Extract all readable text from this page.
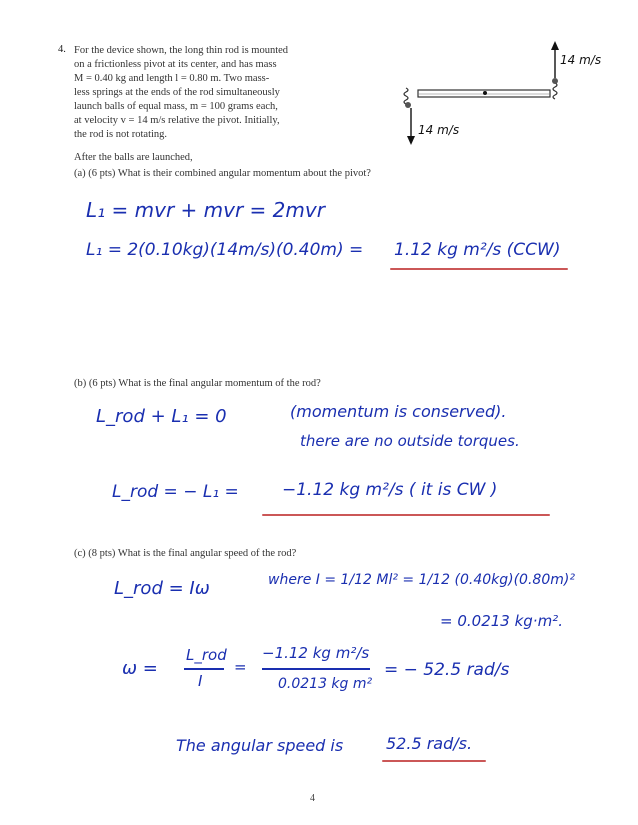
4. For the device shown, the long thin rod is mounted
on a frictionless pivot at its center, and has mass
M = 0.40 kg and length l = 0.80 m. Two mass-
less springs at the ends of the rod simultaneously
launch balls of equal mass, m = 100 grams each,
at velocity v = 14 m/s relative the pivot. Initially,
the rod is not rotating.
After the balls are launched,
14 m/s
14 m/s
(a) (6 pts) What is their combined angular momentum about the pivot?
L₁ = mvr + mvr = 2mvr
L₁ = 2(0.10kg)(14m/s)(0.40m) = 1.12 kg m²/s (CCW)
(b) (6 pts) What is the final angular momentum of the rod?
L_rod + L₁ = 0	(momentum is conserved).
there are no outside torques.
L_rod = − L₁ =	−1.12 kg m²/s ( it is CW )
(c) (8 pts) What is the final angular speed of the rod?
L_rod = Iω	where I = 1/12 Ml² = 1/12 (0.40kg)(0.80m)²
= 0.0213 kg·m².
ω =
L_rod
I
=
−1.12 kg m²/s
0.0213 kg m²
= − 52.5 rad/s
The angular speed is	52.5 rad/s.
4
